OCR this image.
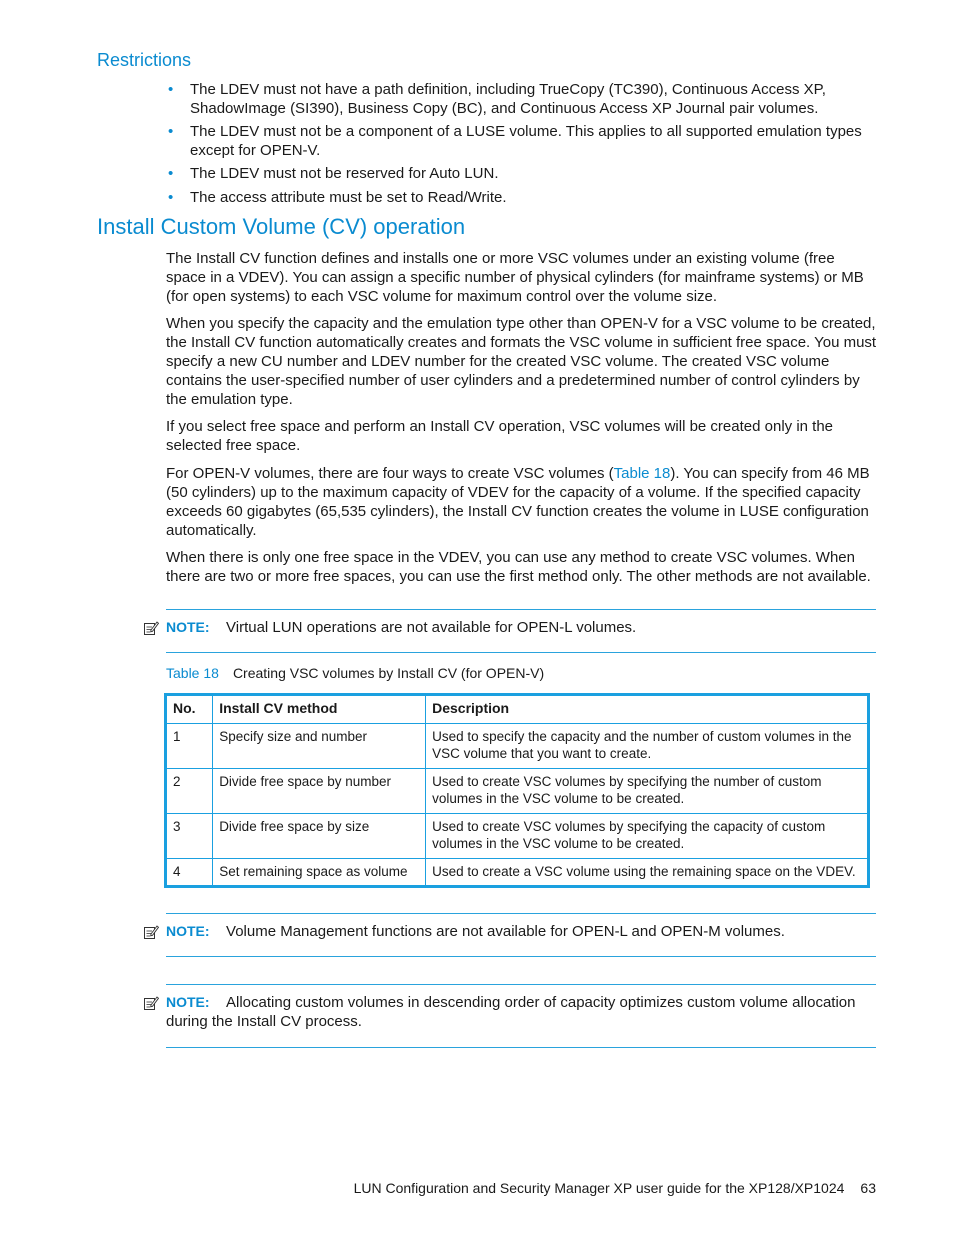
Restrictions
• The LDEV must not have a path definition, including TrueCopy (TC390), Continuous Access XP, ShadowImage (SI390), Business Copy (BC), and Continuous Access XP Journal pair volumes.
• The LDEV must not be a component of a LUSE volume. This applies to all supported emulation types except for OPEN-V.
• The LDEV must not be reserved for Auto LUN.
• The access attribute must be set to Read/Write.
Install Custom Volume (CV) operation

The Install CV function defines and installs one or more VSC volumes under an existing volume (free space in a VDEV). You can assign a specific number of physical cylinders (for mainframe systems) or MB (for open systems) to each VSC volume for maximum control over the volume size.

When you specify the capacity and the emulation type other than OPEN-V for a VSC volume to be created, the Install CV function automatically creates and formats the VSC volume in sufficient free space. You must specify a new CU number and LDEV number for the created VSC volume. The created VSC volume contains the user-specified number of user cylinders and a predetermined number of control cylinders by the emulation type.

If you select free space and perform an Install CV operation, VSC volumes will be created only in the selected free space.

For OPEN-V volumes, there are four ways to create VSC volumes (Table 18). You can specify from 46 MB (50 cylinders) up to the maximum capacity of VDEV for the capacity of a volume. If the specified capacity exceeds 60 gigabytes (65,535 cylinders), the Install CV function creates the volume in LUSE configuration automatically.

When there is only one free space in the VDEV, you can use any method to create VSC volumes. When there are two or more free spaces, you can use the first method only. The other methods are not available.

NOTE: Virtual LUN operations are not available for OPEN-L volumes.
Table 18 Creating VSC volumes by Install CV (for OPEN-V)
No.	Install CV method	Description
1	Specify size and number	Used to specify the capacity and the number of custom volumes in the VSC volume that you want to create.
2	Divide free space by number	Used to create VSC volumes by specifying the number of custom volumes in the VSC volume to be created.
3	Divide free space by size	Used to create VSC volumes by specifying the capacity of custom volumes in the VSC volume to be created.
4	Set remaining space as volume	Used to create a VSC volume using the remaining space on the VDEV.
NOTE: Volume Management functions are not available for OPEN-L and OPEN-M volumes.
NOTE: Allocating custom volumes in descending order of capacity optimizes custom volume allocation during the Install CV process.
LUN Configuration and Security Manager XP user guide for the XP128/XP1024 63
